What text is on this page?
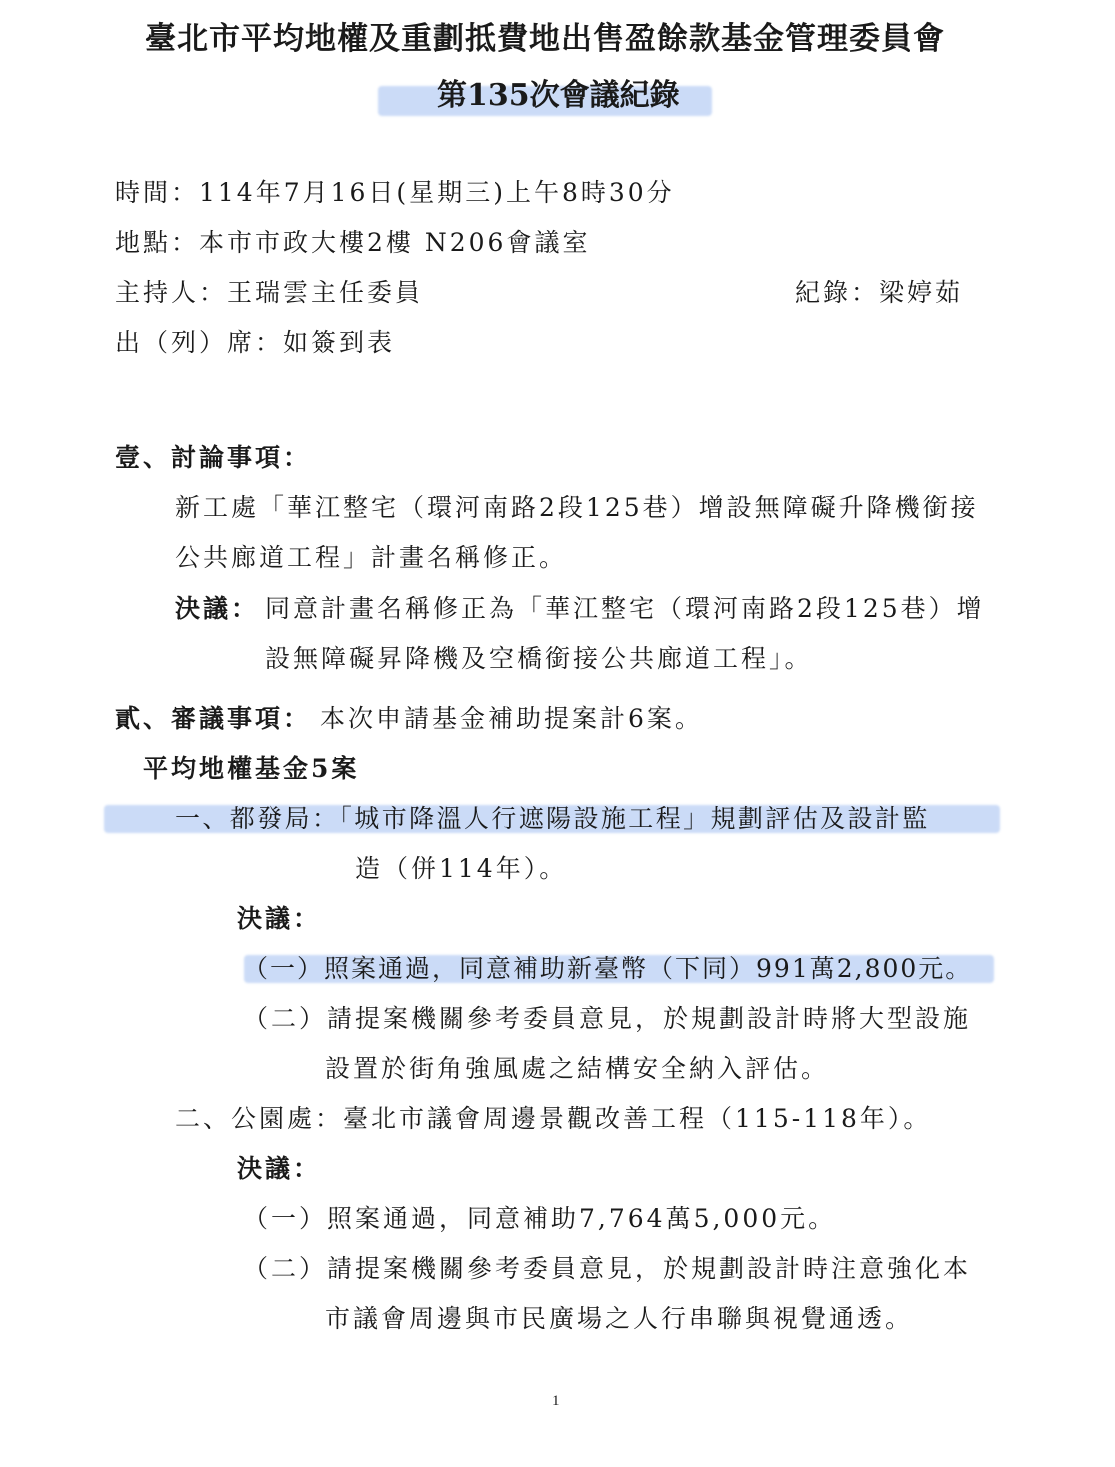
臺北市平均地權及重劃抵費地出售盈餘款基金管理委員會
第135次會議紀錄
時間：114年7月16日(星期三)上午8時30分
地點：本市市政大樓2樓 N206會議室
主持人：王瑞雲主任委員	紀錄：梁婷茹
出（列）席：如簽到表
壹、討論事項：
新工處「華江整宅（環河南路2段125巷）增設無障礙升降機銜接
公共廊道工程」計畫名稱修正。
決議： 同意計畫名稱修正為「華江整宅（環河南路2段125巷）增
設無障礙昇降機及空橋銜接公共廊道工程」。
貳、審議事項： 本次申請基金補助提案計6案。
平均地權基金5案
一、都發局：「城市降溫人行遮陽設施工程」規劃評估及設計監
造（併114年）。
決議：
（一）照案通過，同意補助新臺幣（下同）991萬2,800元。
（二）請提案機關參考委員意見，於規劃設計時將大型設施
設置於街角強風處之結構安全納入評估。
二、公園處：臺北市議會周邊景觀改善工程（115-118年）。
決議：
（一）照案通過，同意補助7,764萬5,000元。
（二）請提案機關參考委員意見，於規劃設計時注意強化本
市議會周邊與市民廣場之人行串聯與視覺通透。
1
